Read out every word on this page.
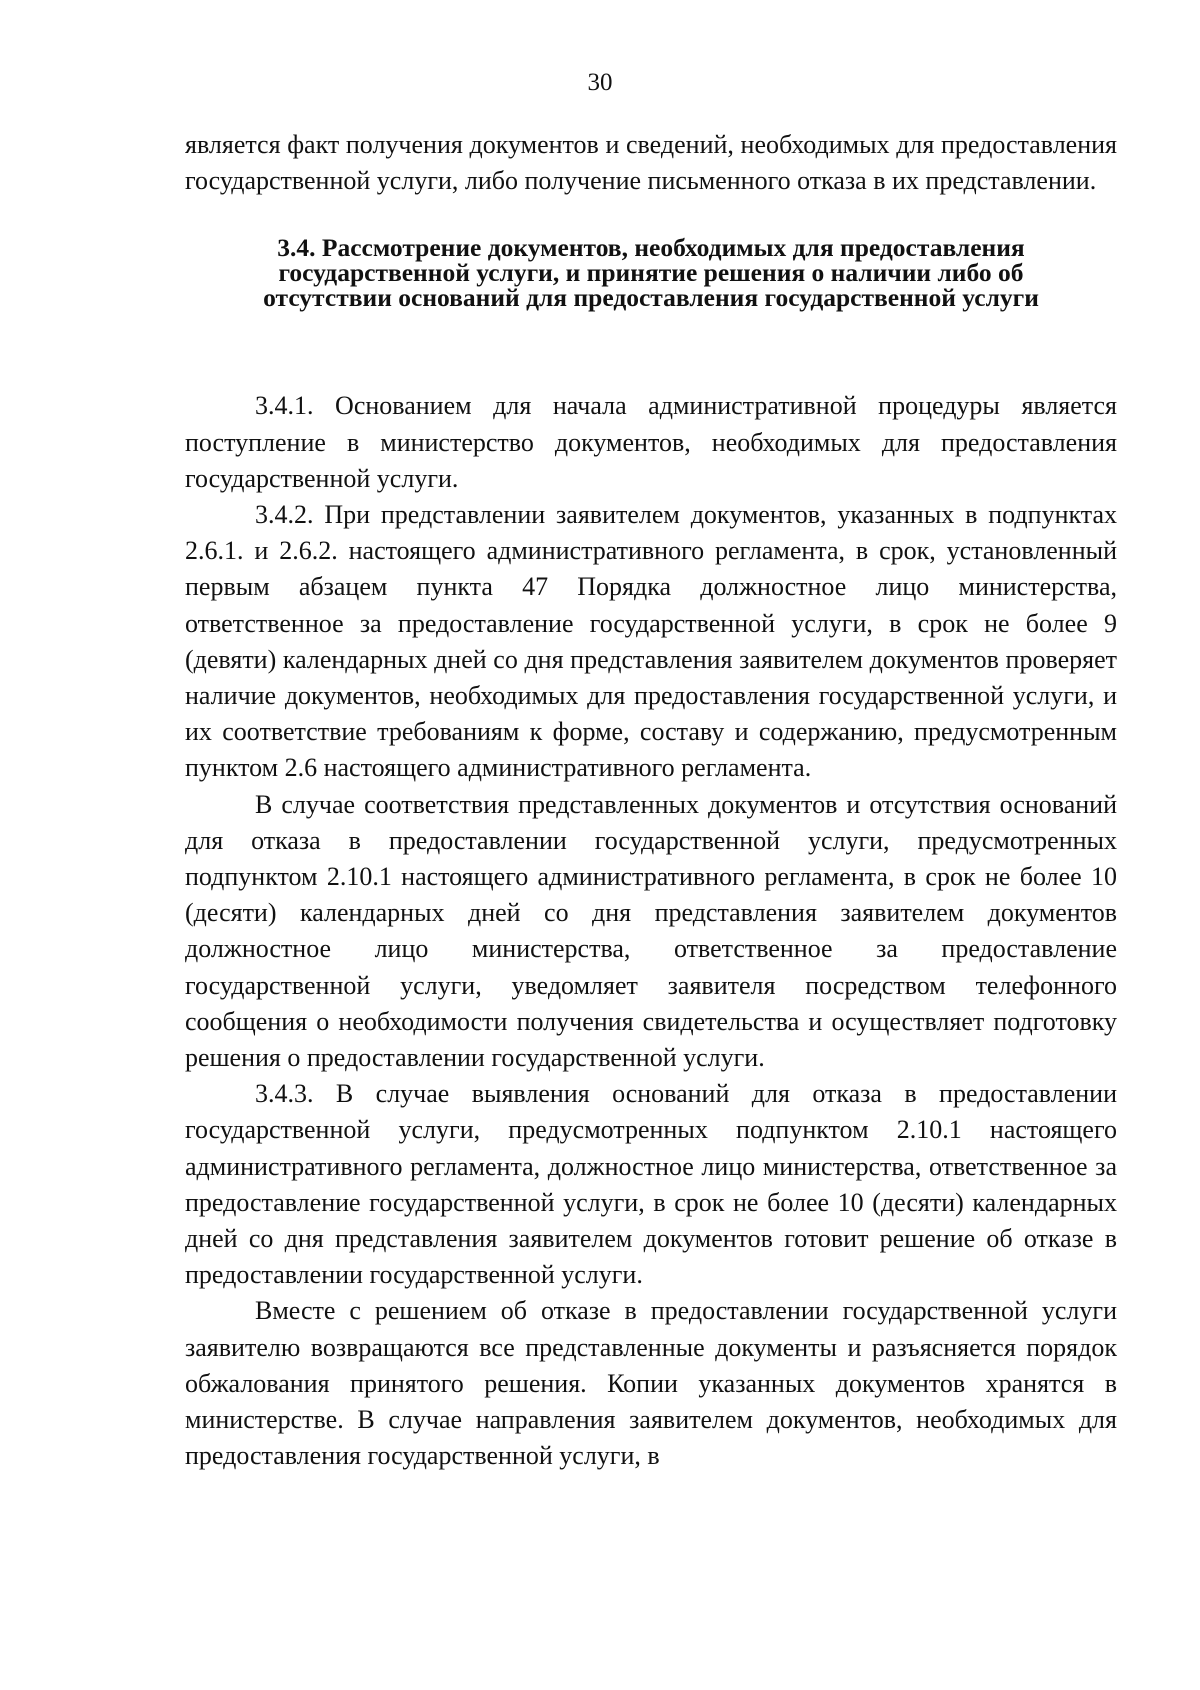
30

является факт получения документов и сведений, необходимых для предоставления государственной услуги, либо получение письменного отказа в их представлении.

3.4. Рассмотрение документов, необходимых для предоставления
государственной услуги, и принятие решения о наличии либо об
отсутствии оснований для предоставления государственной услуги

3.4.1. Основанием для начала административной процедуры является поступление в министерство документов, необходимых для предоставления государственной услуги.

3.4.2. При представлении заявителем документов, указанных в подпунктах 2.6.1. и 2.6.2. настоящего административного регламента, в срок, установленный первым абзацем пункта 47 Порядка должностное лицо министерства, ответственное за предоставление государственной услуги, в срок не более 9 (девяти) календарных дней со дня представления заявителем документов проверяет наличие документов, необходимых для предоставления государственной услуги, и их соответствие требованиям к форме, составу и содержанию, предусмотренным пунктом 2.6 настоящего административного регламента.

В случае соответствия представленных документов и отсутствия оснований для отказа в предоставлении государственной услуги, предусмотренных подпунктом 2.10.1 настоящего административного регламента, в срок не более 10 (десяти) календарных дней со дня представления заявителем документов должностное лицо министерства, ответственное за предоставление государственной услуги, уведомляет заявителя посредством телефонного сообщения о необходимости получения свидетельства и осуществляет подготовку решения о предоставлении государственной услуги.

3.4.3. В случае выявления оснований для отказа в предоставлении государственной услуги, предусмотренных подпунктом 2.10.1 настоящего административного регламента, должностное лицо министерства, ответственное за предоставление государственной услуги, в срок не более 10 (десяти) календарных дней со дня представления заявителем документов готовит решение об отказе в предоставлении государственной услуги.

Вместе с решением об отказе в предоставлении государственной услуги заявителю возвращаются все представленные документы и разъясняется порядок обжалования принятого решения. Копии указанных документов хранятся в министерстве. В случае направления заявителем документов, необходимых для предоставления государственной услуги, в
